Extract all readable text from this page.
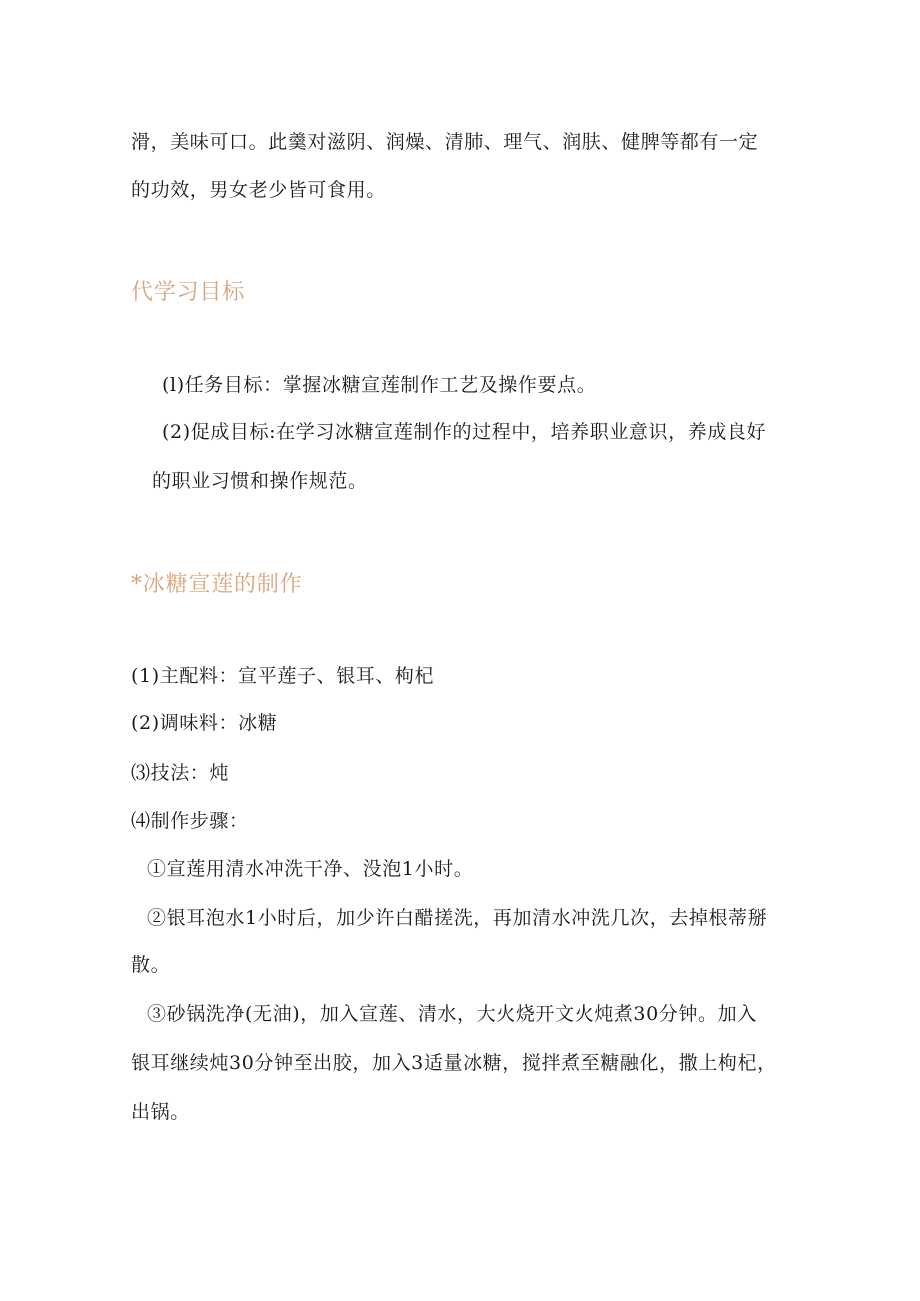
滑，美味可口。此羹对滋阴、润燥、清肺、理气、润肤、健脾等都有一定
的功效，男女老少皆可食用。
代学习目标
(l)任务目标：掌握冰糖宣莲制作工艺及操作要点。
(2)促成目标:在学习冰糖宣莲制作的过程中，培养职业意识，养成良好
的职业习惯和操作规范。
*冰糖宣莲的制作
(1)主配料：宣平莲子、银耳、枸杞
(2)调味料：冰糖
⑶技法：炖
⑷制作步骤：
①宣莲用清水冲洗干净、没泡1小时。
②银耳泡水1小时后，加少许白醋搓洗，再加清水冲洗几次，去掉根蒂掰
散。
③砂锅洗净(无油)，加入宣莲、清水，大火烧开文火炖煮30分钟。加入
银耳继续炖30分钟至出胶，加入3适量冰糖，搅拌煮至糖融化，撒上枸杞，
出锅。
